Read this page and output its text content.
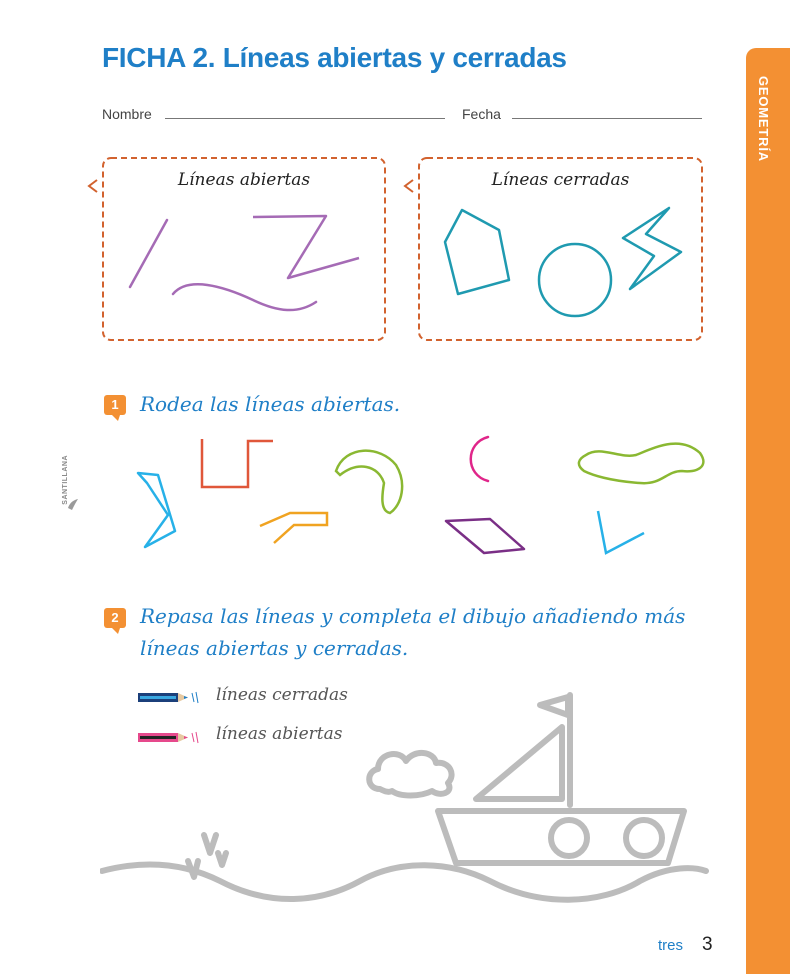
FICHA 2. Líneas abiertas y cerradas
Nombre	Fecha	GEOMETRÍA
SANTILLANA
Líneas abiertas	Líneas cerradas
1	Rodea las líneas abiertas.
2	Repasa las líneas y completa el dibujo añadiendo más
líneas abiertas y cerradas.
líneas cerradas
líneas abiertas
tres 3
